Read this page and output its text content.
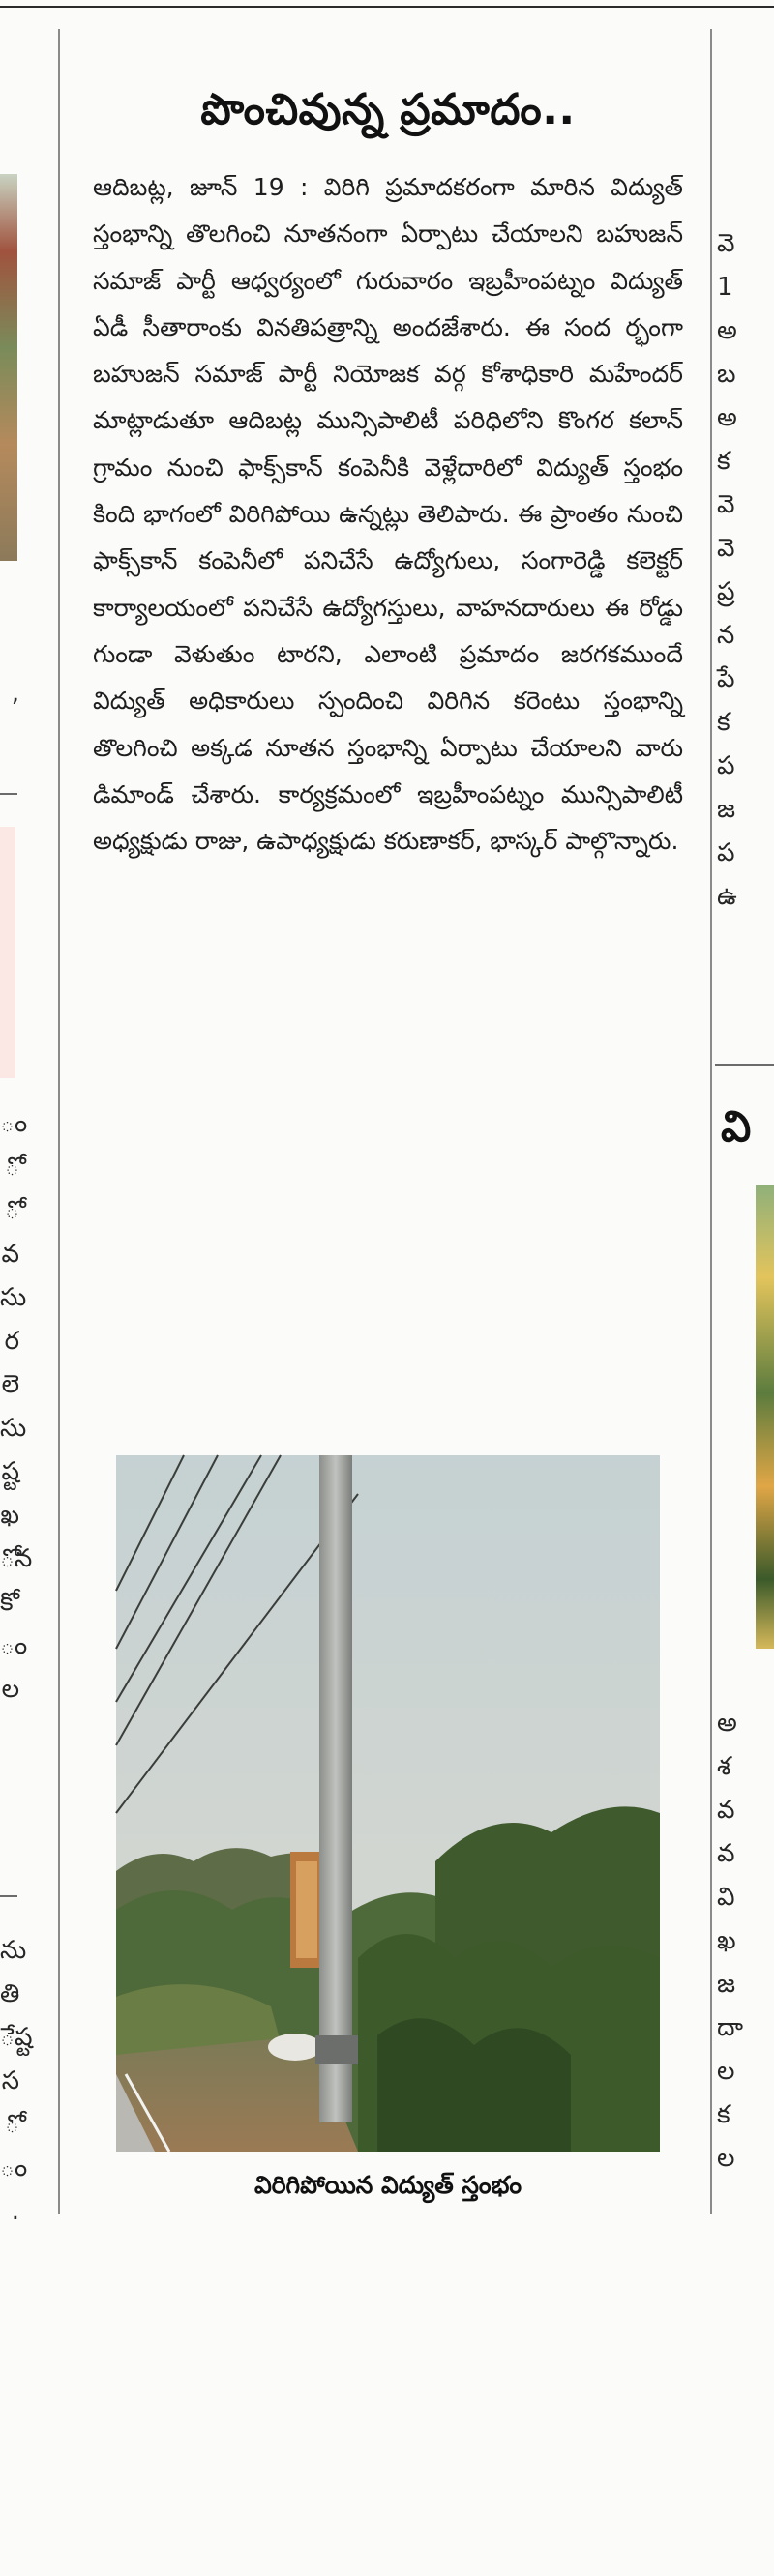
,
ం
ో
ో
వ
సు
ర
లె
సు
ష్ట
ఖ
ోన
కో
ం
ల
ను
తి
ేష్ట
స
ో
ం
.
పొంచివున్న ప్రమాదం..

ఆదిబట్ల, జూన్‌ 19 : విరిగి ప్రమాదకరంగా మారిన విద్యుత్‌ స్తంభాన్ని తొలగించి నూతనంగా ఏర్పాటు చేయాలని బహుజన్‌ సమాజ్‌ పార్టీ ఆధ్వర్యంలో గురువారం ఇబ్రహీంపట్నం విద్యుత్‌ ఏడీ సీతారాంకు వినతిపత్రాన్ని అందజేశారు. ఈ సంద ర్భంగా బహుజన్‌ సమాజ్‌ పార్టీ నియోజక వర్గ కోశాధికారి మహేందర్‌ మాట్లాడుతూ ఆదిబట్ల మున్సిపాలిటీ పరిధిలోని కొంగర కలాన్‌ గ్రామం నుంచి ఫాక్స్‌కాన్‌ కంపెనీకి వెళ్లేదారిలో విద్యుత్‌ స్తంభం కింది భాగంలో విరిగిపోయి ఉన్నట్లు తెలిపారు. ఈ ప్రాంతం నుంచి ఫాక్స్‌కాన్‌ కంపెనీలో పనిచేసే ఉద్యోగులు, సంగారెడ్డి కలెక్టర్‌ కార్యాలయంలో పనిచేసే ఉద్యోగస్తులు, వాహనదారులు ఈ రోడ్డు గుండా వెళుతుం టారని, ఎలాంటి ప్రమాదం జరగకముందే విద్యుత్‌ అధికారులు స్పందించి విరిగిన కరెంటు స్తంభాన్ని తొలగించి అక్కడ నూతన స్తంభాన్ని ఏర్పాటు చేయాలని వారు డిమాండ్‌ చేశారు. కార్యక్రమంలో ఇబ్రహీంపట్నం మున్సిపాలిటీ అధ్యక్షుడు రాజు, ఉపాధ్యక్షుడు కరుణాకర్‌, భాస్కర్‌ పాల్గొన్నారు.

విరిగిపోయిన విద్యుత్‌ స్తంభం
వె
1
అ
బ
అ
క
వె
వె
ప్ర
న
పే
క
ప
జ
ప
ఉ
వి
అ
శ
వ
వ
వి
ఖ
జ
దా
ల
క
ల
